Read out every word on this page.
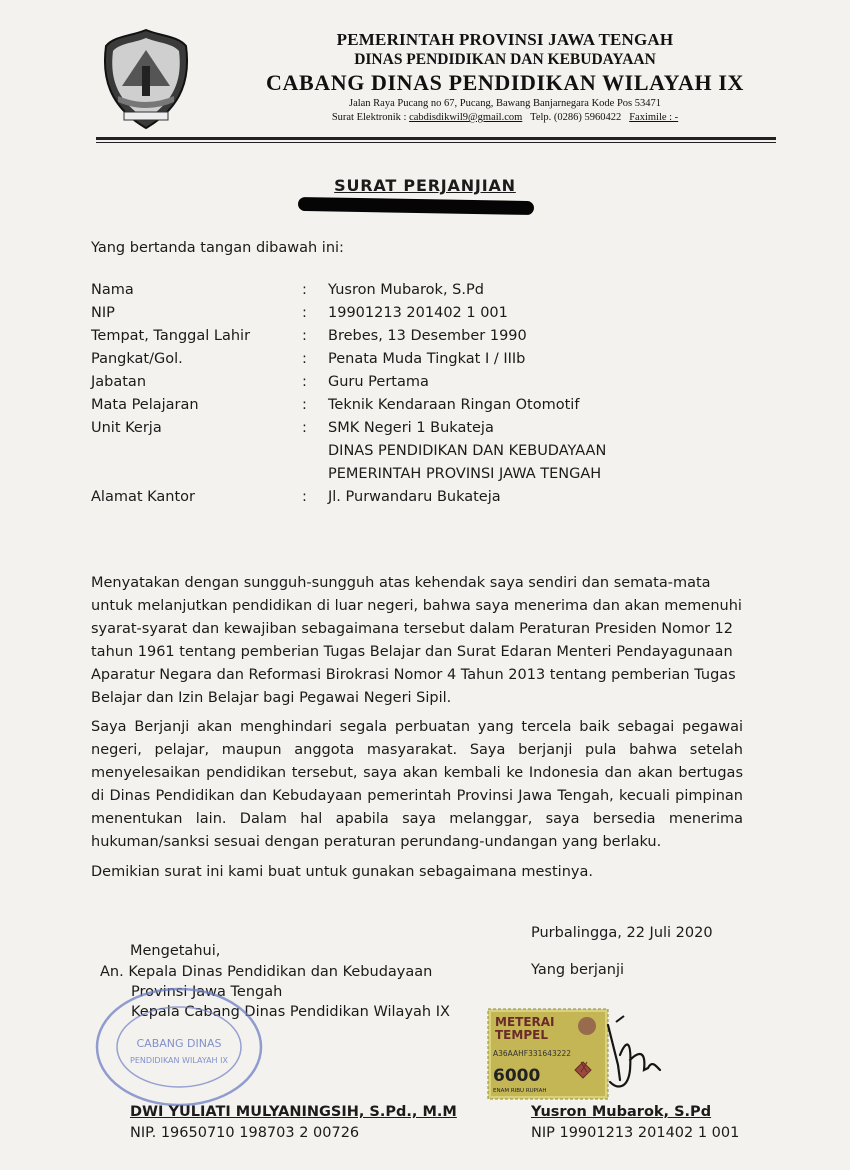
PEMERINTAH PROVINSI JAWA TENGAH
DINAS PENDIDIKAN DAN KEBUDAYAAN
CABANG DINAS PENDIDIKAN WILAYAH IX
Jalan Raya Pucang no 67, Pucang, Bawang Banjarnegara Kode Pos 53471
Surat Elektronik : cabdisdikwil9@gmail.com Telp. (0286) 5960422 Faximile : -
SURAT PERJANJIAN
Yang bertanda tangan dibawah ini:
Nama	:	Yusron Mubarok, S.Pd
NIP	:	19901213 201402 1 001
Tempat, Tanggal Lahir	:	Brebes, 13 Desember 1990
Pangkat/Gol.	:	Penata Muda Tingkat I / IIIb
Jabatan	:	Guru Pertama
Mata Pelajaran	:	Teknik Kendaraan Ringan Otomotif
Unit Kerja	:	SMK Negeri 1 Bukateja
DINAS PENDIDIKAN DAN KEBUDAYAAN
PEMERINTAH PROVINSI JAWA TENGAH
Alamat Kantor	:	Jl. Purwandaru Bukateja
Menyatakan dengan sungguh-sungguh atas kehendak saya sendiri dan semata-mata untuk melanjutkan pendidikan di luar negeri, bahwa saya menerima dan akan memenuhi syarat-syarat dan kewajiban sebagaimana tersebut dalam Peraturan Presiden Nomor 12 tahun 1961 tentang pemberian Tugas Belajar dan Surat Edaran Menteri Pendayagunaan Aparatur Negara dan Reformasi Birokrasi Nomor 4 Tahun 2013 tentang pemberian Tugas Belajar dan Izin Belajar bagi Pegawai Negeri Sipil.
Saya Berjanji akan menghindari segala perbuatan yang tercela baik sebagai pegawai negeri, pelajar, maupun anggota masyarakat. Saya berjanji pula bahwa setelah menyelesaikan pendidikan tersebut, saya akan kembali ke Indonesia dan akan bertugas di Dinas Pendidikan dan Kebudayaan pemerintah Provinsi Jawa Tengah, kecuali pimpinan menentukan lain. Dalam hal apabila saya melanggar, saya bersedia menerima hukuman/sanksi sesuai dengan peraturan perundang-undangan yang berlaku.
Demikian surat ini kami buat untuk gunakan sebagaimana mestinya.
Purbalingga, 22 Juli 2020
Yang berjanji
Mengetahui,
An. Kepala Dinas Pendidikan dan Kebudayaan
Provinsi Jawa Tengah
Kepala Cabang Dinas Pendidikan Wilayah IX
CABANG DINAS
PENDIDIKAN WILAYAH IX
METERAI
TEMPEL
A36AAHF331643222
6000
ENAM RIBU RUPIAH
DWI YULIATI MULYANINGSIH, S.Pd., M.M
NIP. 19650710 198703 2 00726
Yusron Mubarok, S.Pd
NIP 19901213 201402 1 001
